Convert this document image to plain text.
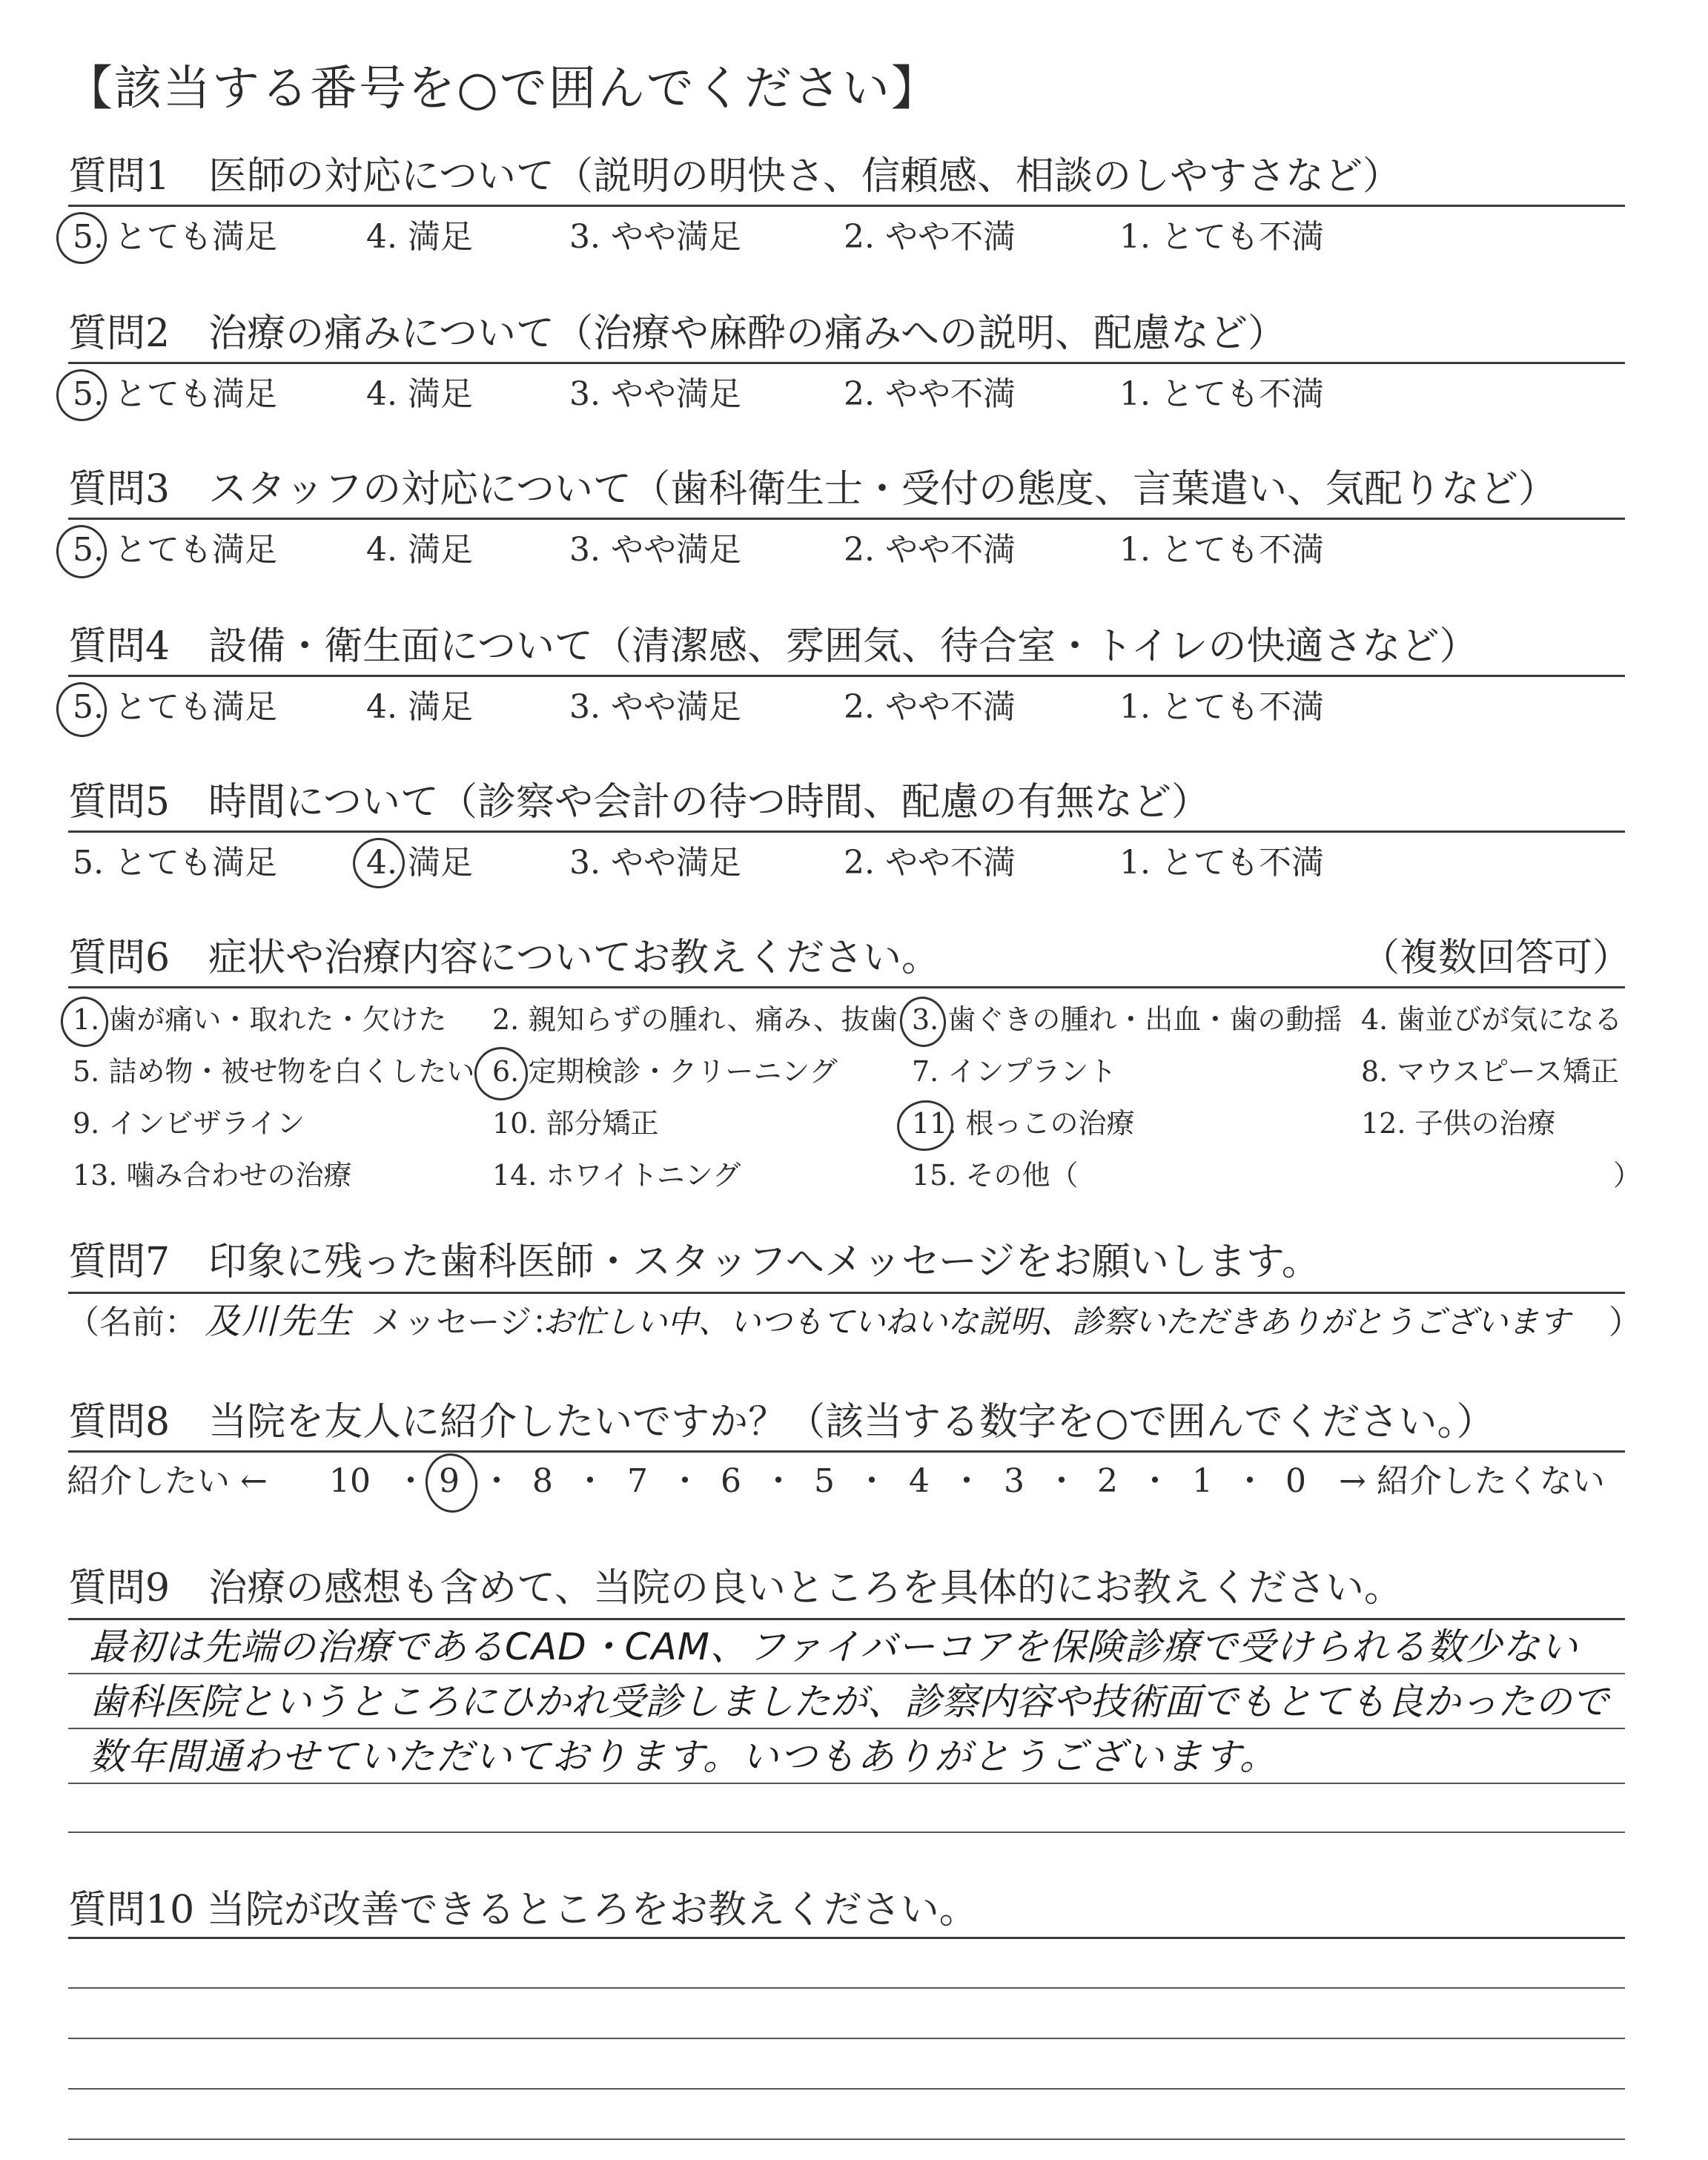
【該当する番号を○で囲んでください】
質問1　医師の対応について（説明の明快さ、信頼感、相談のしやすさなど）
5. とても満足	4. 満足	3. やや満足	2. やや不満	1. とても不満
質問2　治療の痛みについて（治療や麻酔の痛みへの説明、配慮など）
5. とても満足	4. 満足	3. やや満足	2. やや不満	1. とても不満
質問3　スタッフの対応について（歯科衛生士・受付の態度、言葉遣い、気配りなど）
5. とても満足	4. 満足	3. やや満足	2. やや不満	1. とても不満
質問4　設備・衛生面について（清潔感、雰囲気、待合室・トイレの快適さなど）
5. とても満足	4. 満足	3. やや満足	2. やや不満	1. とても不満
質問5　時間について（診察や会計の待つ時間、配慮の有無など）
5. とても満足	4. 満足	3. やや満足	2. やや不満	1. とても不満
質問6　症状や治療内容についてお教えください。	（複数回答可）
1. 歯が痛い・取れた・欠けた 2. 親知らずの腫れ、痛み、抜歯 3. 歯ぐきの腫れ・出血・歯の動揺 4. 歯並びが気になる
5. 詰め物・被せ物を白くしたい 6. 定期検診・クリーニング	7. インプラント	8. マウスピース矯正
9. インビザライン	10. 部分矯正	11. 根っこの治療	12. 子供の治療
13. 噛み合わせの治療	14. ホワイトニング	15. その他（	）
質問7　印象に残った歯科医師・スタッフへメッセージをお願いします。
（名前： 及川先生 メッセージ：
お忙しい中、いつもていねいな説明、診察いただきありがとうございます ）
質問8　当院を友人に紹介したいですか？（該当する数字を○で囲んでください。）
紹介したい ← 10 ・ 9 ・ 8 ・ 7 ・ 6 ・ 5 ・ 4 ・ 3 ・ 2 ・ 1 ・ 0 → 紹介したくない
質問9　治療の感想も含めて、当院の良いところを具体的にお教えください。
最初は先端の治療であるCAD・CAM、ファイバーコアを保険診療で受けられる数少ない
歯科医院というところにひかれ受診しましたが、診察内容や技術面でもとても良かったので
数年間通わせていただいております。いつもありがとうございます。
質問10 当院が改善できるところをお教えください。
